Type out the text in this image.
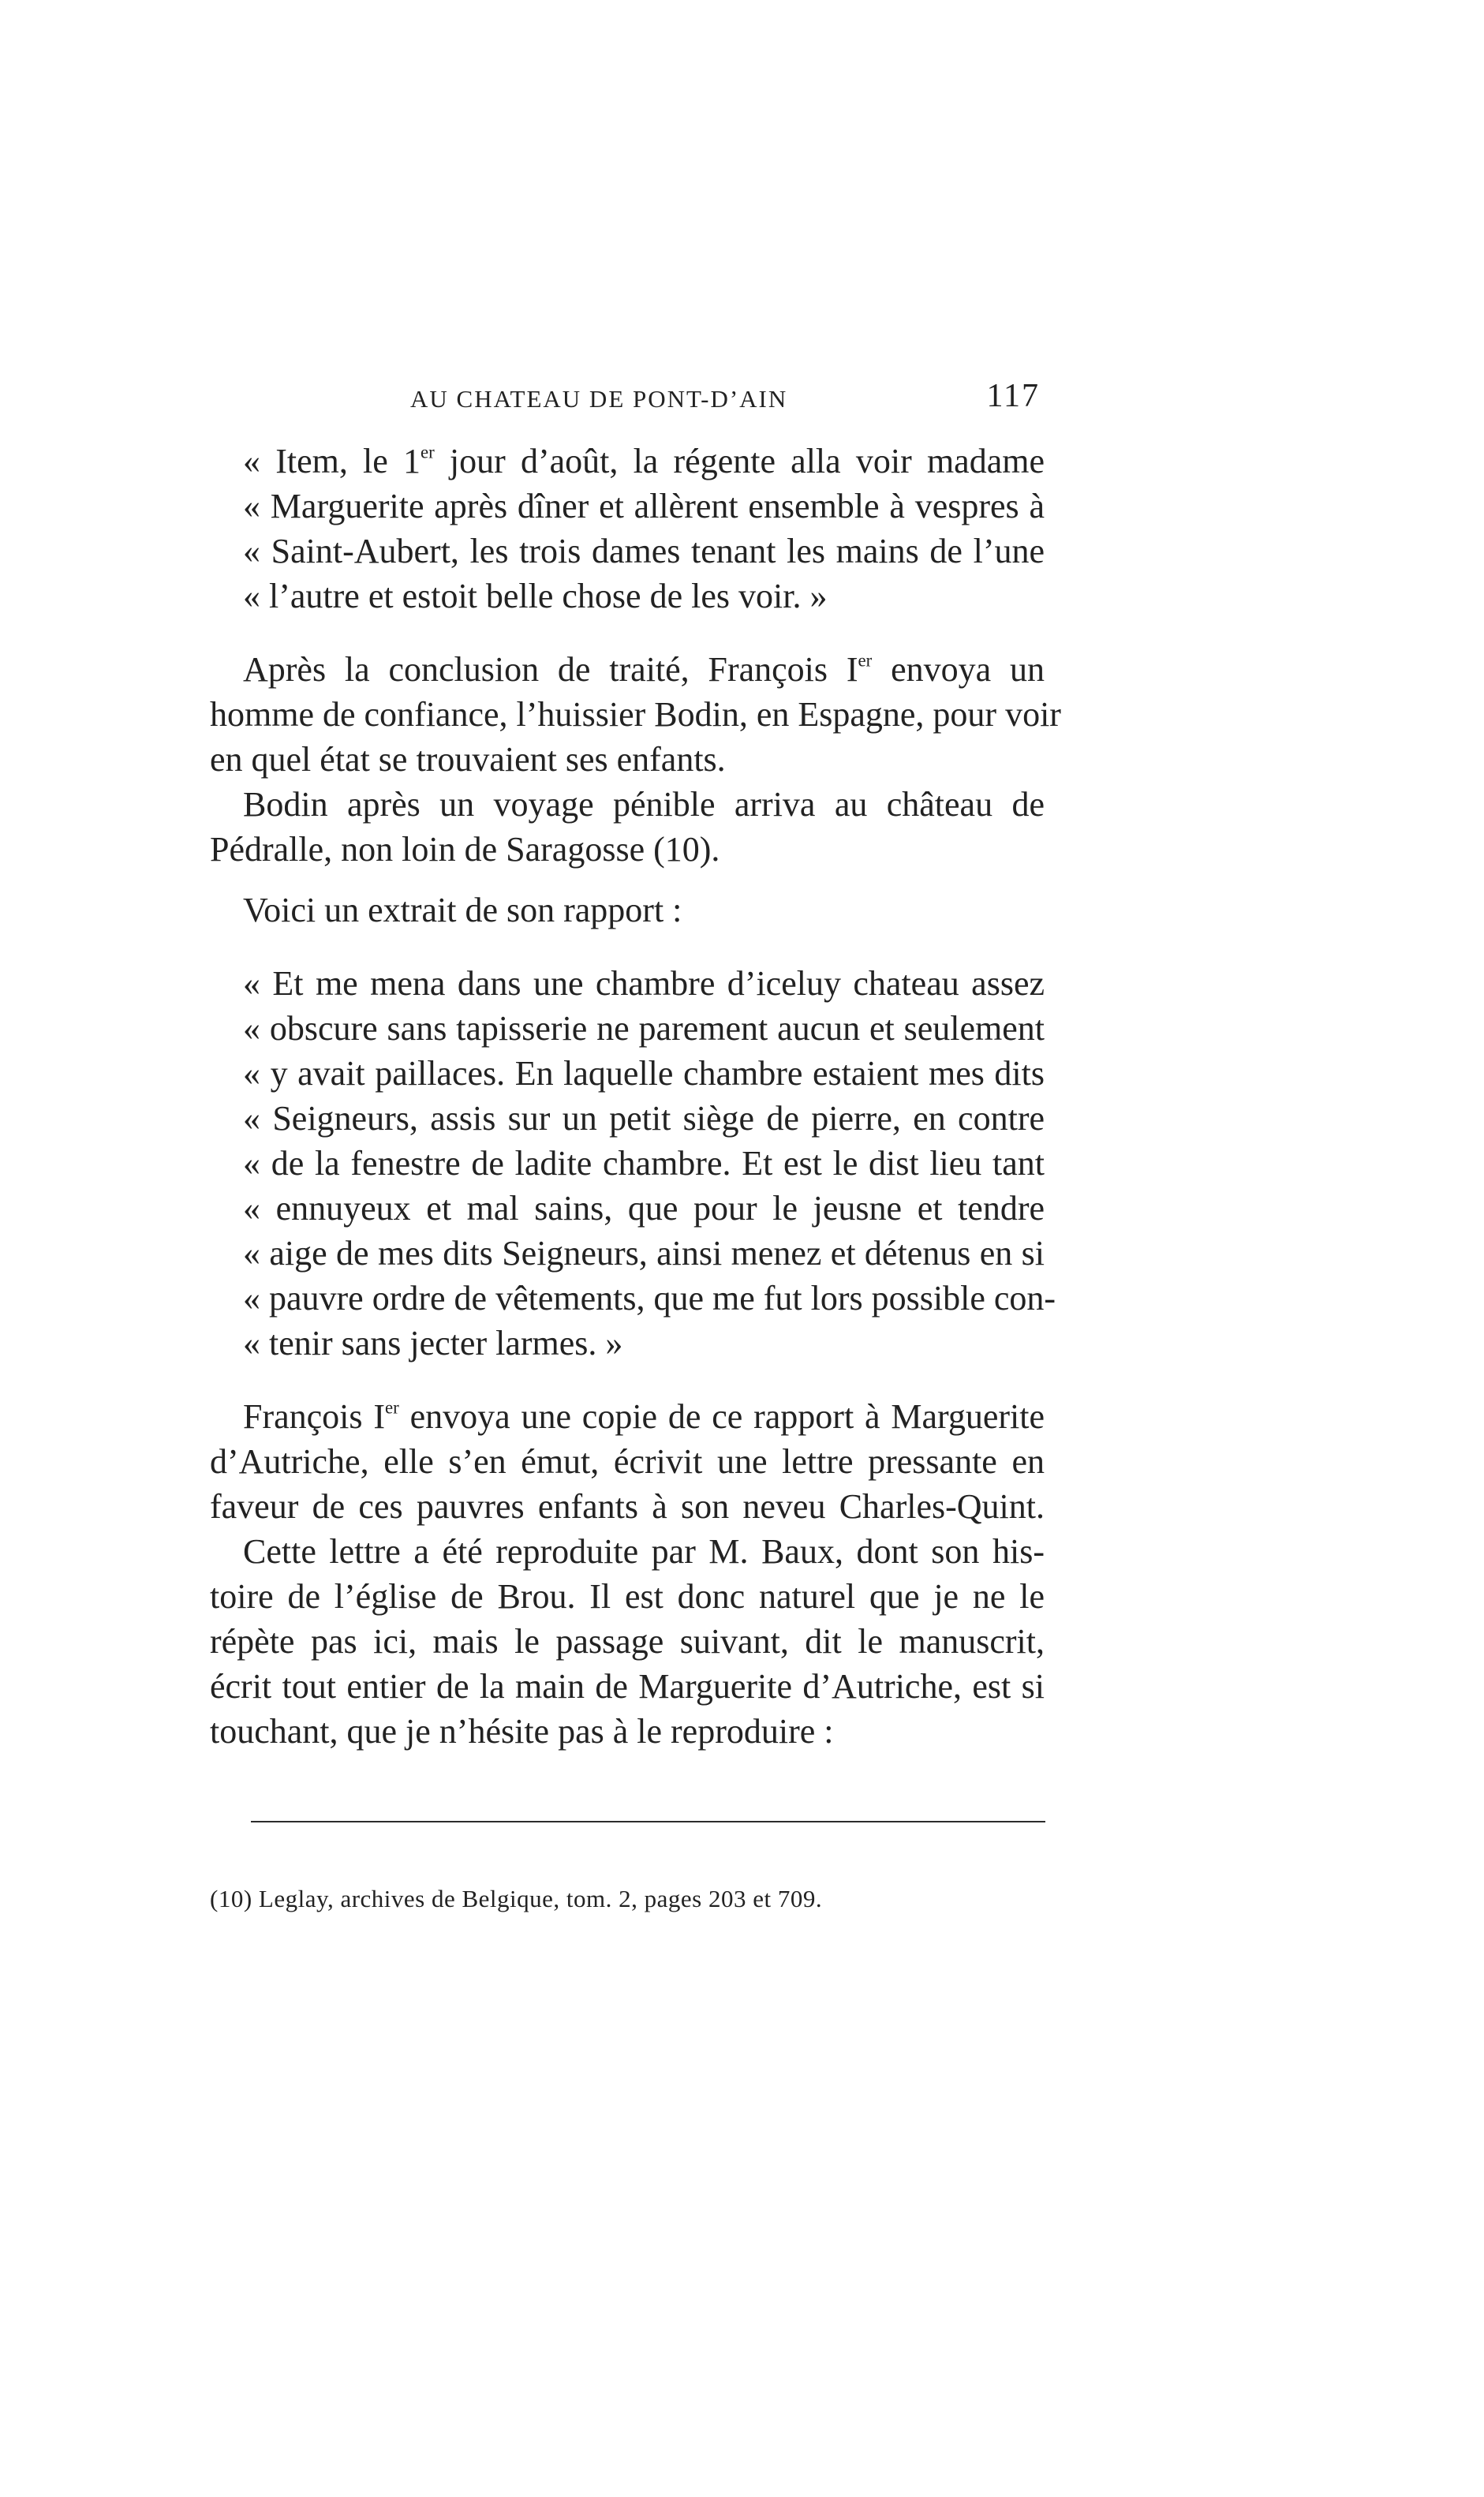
AU CHATEAU DE PONT-D’AIN	117
« Item, le 1er jour d’août, la régente alla voir madame
« Marguerite après dîner et allèrent ensemble à vespres à
« Saint-Aubert, les trois dames tenant les mains de l’une
« l’autre et estoit belle chose de les voir. »
Après la conclusion de traité, François Ier envoya un
homme de confiance, l’huissier Bodin, en Espagne, pour voir
en quel état se trouvaient ses enfants.
Bodin après un voyage pénible arriva au château de
Pédralle, non loin de Saragosse (10).
Voici un extrait de son rapport :
« Et me mena dans une chambre d’iceluy chateau assez
« obscure sans tapisserie ne parement aucun et seulement
« y avait paillaces. En laquelle chambre estaient mes dits
« Seigneurs, assis sur un petit siège de pierre, en contre
« de la fenestre de ladite chambre. Et est le dist lieu tant
« ennuyeux et mal sains, que pour le jeusne et tendre
« aige de mes dits Seigneurs, ainsi menez et détenus en si
« pauvre ordre de vêtements, que me fut lors possible con-
« tenir sans jecter larmes. »
François Ier envoya une copie de ce rapport à Marguerite
d’Autriche, elle s’en émut, écrivit une lettre pressante en
faveur de ces pauvres enfants à son neveu Charles-Quint.
Cette lettre a été reproduite par M. Baux, dont son his-
toire de l’église de Brou. Il est donc naturel que je ne le
répète pas ici, mais le passage suivant, dit le manuscrit,
écrit tout entier de la main de Marguerite d’Autriche, est si
touchant, que je n’hésite pas à le reproduire :
(10) Leglay, archives de Belgique, tom. 2, pages 203 et 709.
